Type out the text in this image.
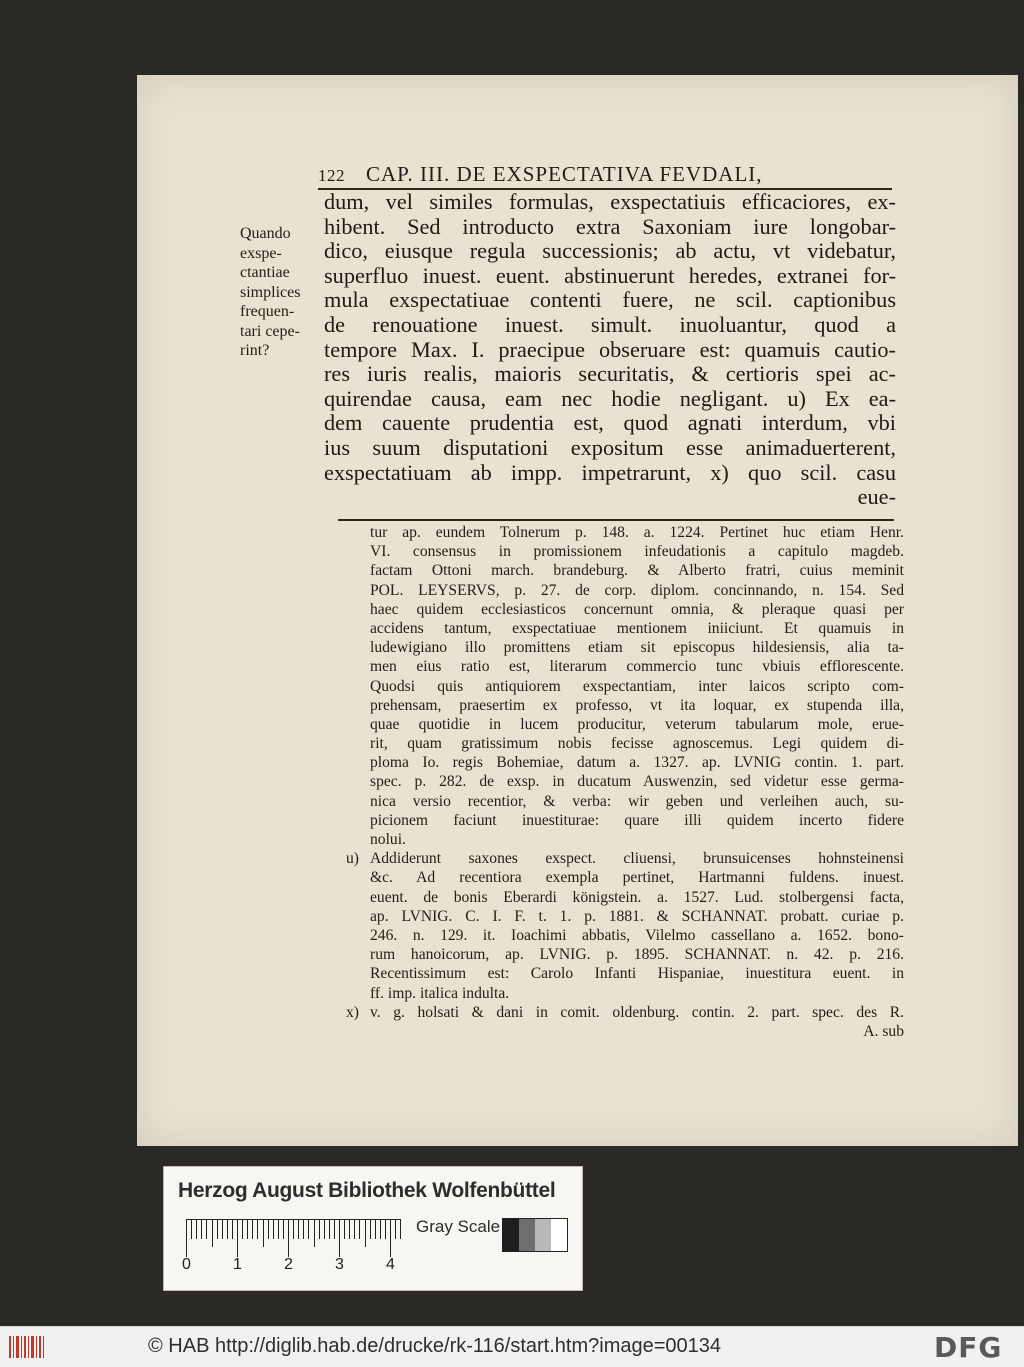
122 CAP. III. DE EXSPECTATIVA FEVDALI,
Quando
exspe-
ctantiae
simplices
frequen-
tari cepe-
rint?
dum, vel similes formulas, exspectatiuis efficaciores, ex-
hibent. Sed introducto extra Saxoniam iure longobar-
dico, eiusque regula successionis; ab actu, vt videbatur,
superfluo inuest. euent. abstinuerunt heredes, extranei for-
mula exspectatiuae contenti fuere, ne scil. captionibus
de renouatione inuest. simult. inuoluantur, quod a
tempore Max. I. praecipue obseruare est: quamuis cautio-
res iuris realis, maioris securitatis, & certioris spei ac-
quirendae causa, eam nec hodie negligant. u) Ex ea-
dem cauente prudentia est, quod agnati interdum, vbi
ius suum disputationi expositum esse animaduerterent,
exspectatiuam ab impp. impetrarunt, x) quo scil. casu
eue-
tur ap. eundem Tolnerum p. 148. a. 1224. Pertinet huc etiam Henr.
VI. consensus in promissionem infeudationis a capitulo magdeb.
factam Ottoni march. brandeburg. & Alberto fratri, cuius meminit
POL. LEYSERVS, p. 27. de corp. diplom. concinnando, n. 154. Sed
haec quidem ecclesiasticos concernunt omnia, & pleraque quasi per
accidens tantum, exspectatiuae mentionem iniiciunt. Et quamuis in
ludewigiano illo promittens etiam sit episcopus hildesiensis, alia ta-
men eius ratio est, literarum commercio tunc vbiuis efflorescente.
Quodsi quis antiquiorem exspectantiam, inter laicos scripto com-
prehensam, praesertim ex professo, vt ita loquar, ex stupenda illa,
quae quotidie in lucem producitur, veterum tabularum mole, erue-
rit, quam gratissimum nobis fecisse agnoscemus. Legi quidem di-
ploma Io. regis Bohemiae, datum a. 1327. ap. LVNIG contin. 1. part.
spec. p. 282. de exsp. in ducatum Auswenzin, sed videtur esse germa-
nica versio recentior, & verba: wir geben und verleihen auch, su-
picionem faciunt inuestiturae: quare illi quidem incerto fidere
nolui.
u) Addiderunt saxones exspect. cliuensi, brunsuicenses hohnsteinensi
&c. Ad recentiora exempla pertinet, Hartmanni fuldens. inuest.
euent. de bonis Eberardi königstein. a. 1527. Lud. stolbergensi facta,
ap. LVNIG. C. I. F. t. 1. p. 1881. & SCHANNAT. probatt. curiae p.
246. n. 129. it. Ioachimi abbatis, Vilelmo cassellano a. 1652. bono-
rum hanoicorum, ap. LVNIG. p. 1895. SCHANNAT. n. 42. p. 216.
Recentissimum est: Carolo Infanti Hispaniae, inuestitura euent. in
ff. imp. italica indulta.
x) v. g. holsati & dani in comit. oldenburg. contin. 2. part. spec. des R.
A. sub
Herzog August Bibliothek Wolfenbüttel
0	1	2	3	4
Gray Scale
© HAB http://diglib.hab.de/drucke/rk-116/start.htm?image=00134	DFG
